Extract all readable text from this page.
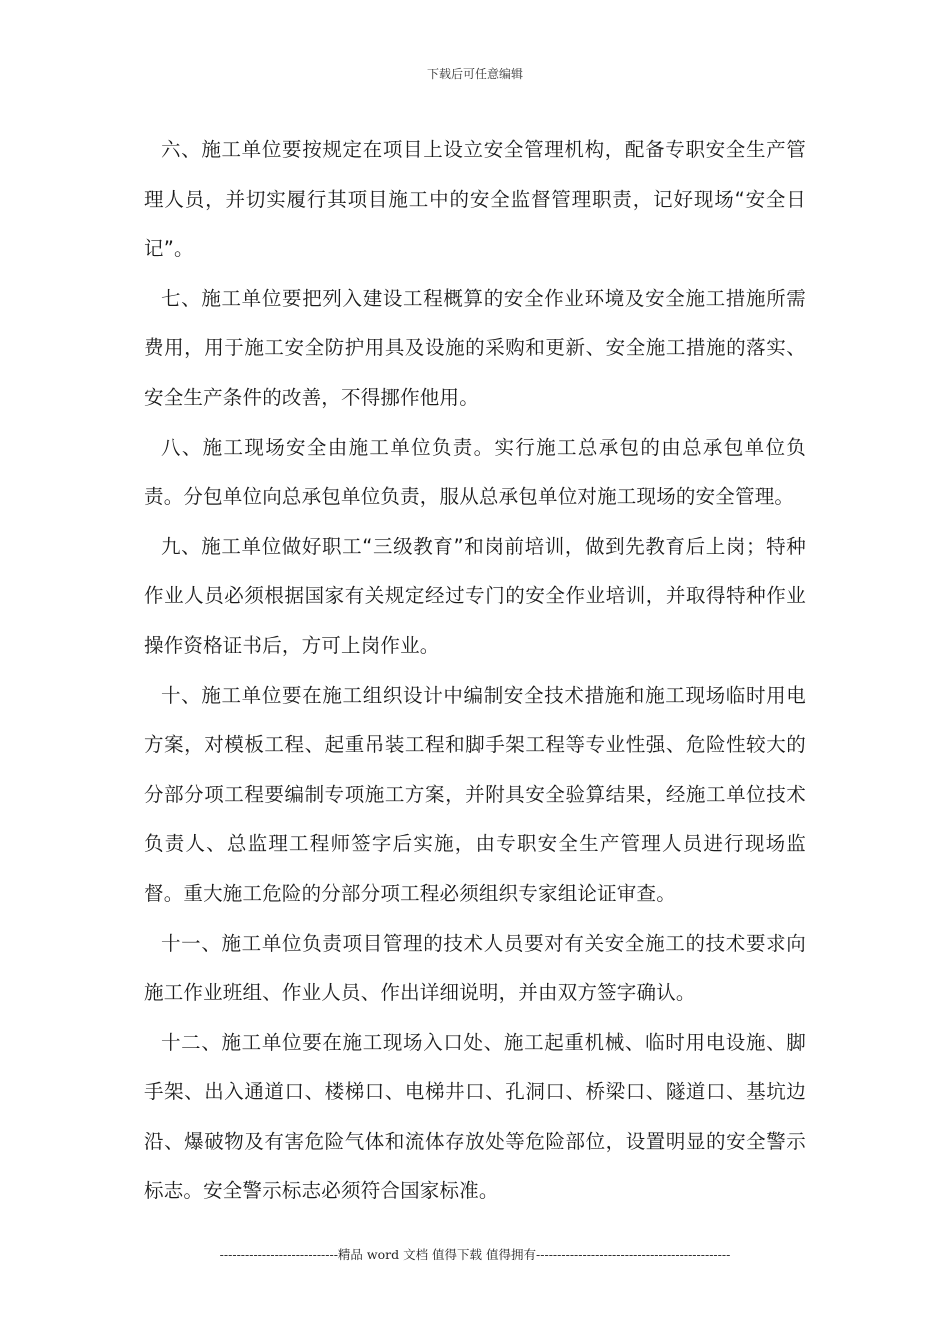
下载后可任意编辑

六、施工单位要按规定在项目上设立安全管理机构，配备专职安全生产管理人员，并切实履行其项目施工中的安全监督管理职责，记好现场“安全日记”。

七、施工单位要把列入建设工程概算的安全作业环境及安全施工措施所需费用，用于施工安全防护用具及设施的采购和更新、安全施工措施的落实、安全生产条件的改善，不得挪作他用。

八、施工现场安全由施工单位负责。实行施工总承包的由总承包单位负责。分包单位向总承包单位负责，服从总承包单位对施工现场的安全管理。

九、施工单位做好职工“三级教育”和岗前培训，做到先教育后上岗；特种作业人员必须根据国家有关规定经过专门的安全作业培训，并取得特种作业操作资格证书后，方可上岗作业。

十、施工单位要在施工组织设计中编制安全技术措施和施工现场临时用电方案，对模板工程、起重吊装工程和脚手架工程等专业性强、危险性较大的分部分项工程要编制专项施工方案，并附具安全验算结果，经施工单位技术负责人、总监理工程师签字后实施，由专职安全生产管理人员进行现场监督。重大施工危险的分部分项工程必须组织专家组论证审查。

十一、施工单位负责项目管理的技术人员要对有关安全施工的技术要求向施工作业班组、作业人员、作出详细说明，并由双方签字确认。

十二、施工单位要在施工现场入口处、施工起重机械、临时用电设施、脚手架、出入通道口、楼梯口、电梯井口、孔洞口、桥梁口、隧道口、基坑边沿、爆破物及有害危险气体和流体存放处等危险部位，设置明显的安全警示标志。安全警示标志必须符合国家标准。

----------------------------精品 word 文档 值得下载 值得拥有----------------------------------------------
